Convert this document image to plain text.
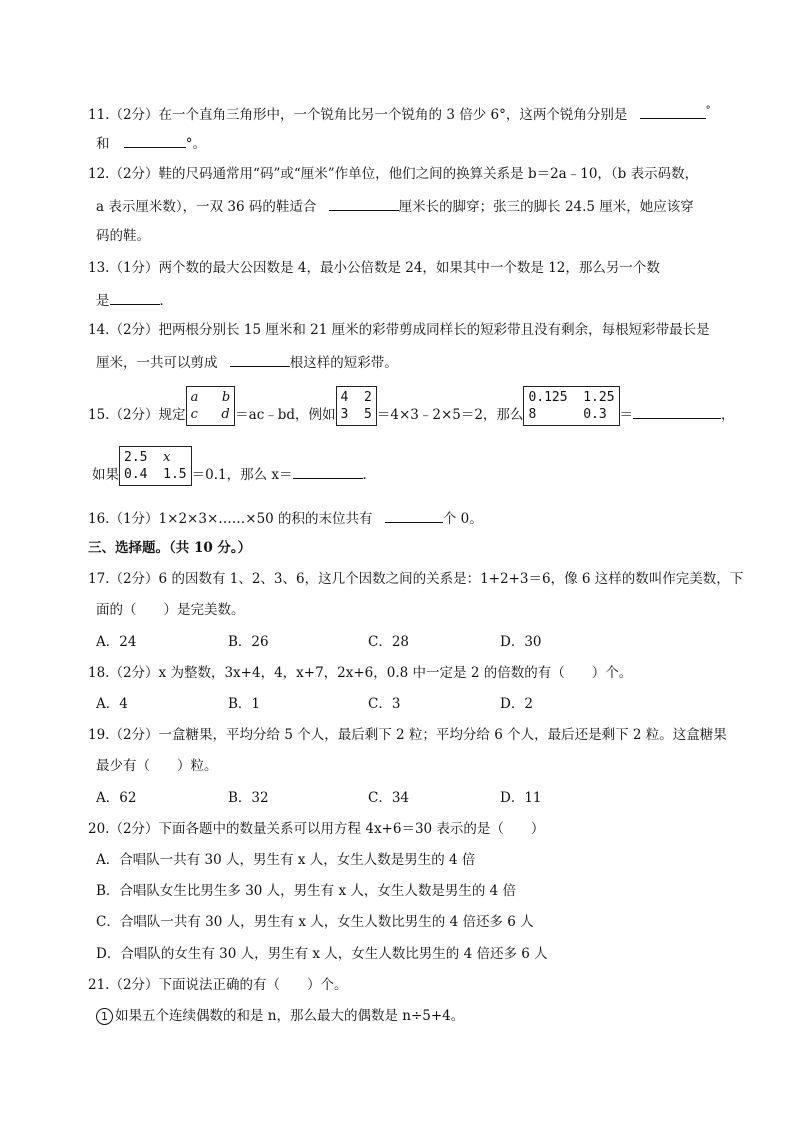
11.（2分）在一个直角三角形中，一个锐角比另一个锐角的 3 倍少 6°，这两个锐角分别是	°
和	°。
12.（2分）鞋的尺码通常用“码”或“厘米”作单位，他们之间的换算关系是 b＝2a﹣10，（b 表示码数，
a 表示厘米数），一双 36 码的鞋适合	厘米长的脚穿；张三的脚长 24.5 厘米，她应该穿
码的鞋。
13.（1分）两个数的最大公因数是 4，最小公倍数是 24，如果其中一个数是 12，那么另一个数
是	．
14.（2分）把两根分别长 15 厘米和 21 厘米的彩带剪成同样长的短彩带且没有剩余，每根短彩带最长是
厘米，一共可以剪成	根这样的短彩带。
15.（2分）规定
a b
c d ＝ac﹣bd，例如
4 2
3 5 ＝4×3﹣2×5＝2，那么
0.125 1.25
8	0.3 ＝	，
如果
2.5 x
0.4 1.5 ＝0.1，那么 x＝	．
16.（1分）1×2×3×……×50 的积的末位共有	个 0。
三、选择题。（共 10 分。）
17.（2分）6 的因数有 1、2、3、6，这几个因数之间的关系是：1+2+3＝6，像 6 这样的数叫作完美数，下
面的（　　）是完美数。
A．24	B．26	C．28	D．30
18.（2分）x 为整数，3x+4，4，x+7，2x+6，0.8 中一定是 2 的倍数的有（　　）个。
A．4	B．1	C．3	D．2
19.（2分）一盒糖果，平均分给 5 个人，最后剩下 2 粒；平均分给 6 个人，最后还是剩下 2 粒。这盒糖果
最少有（　　）粒。
A．62	B．32	C．34	D．11
20.（2分）下面各题中的数量关系可以用方程 4x+6＝30 表示的是（　　）
A．合唱队一共有 30 人，男生有 x 人，女生人数是男生的 4 倍
B．合唱队女生比男生多 30 人，男生有 x 人，女生人数是男生的 4 倍
C．合唱队一共有 30 人，男生有 x 人，女生人数比男生的 4 倍还多 6 人
D．合唱队的女生有 30 人，男生有 x 人，女生人数比男生的 4 倍还多 6 人
21.（2分）下面说法正确的有（　　）个。
1 如果五个连续偶数的和是 n，那么最大的偶数是 n÷5+4。
